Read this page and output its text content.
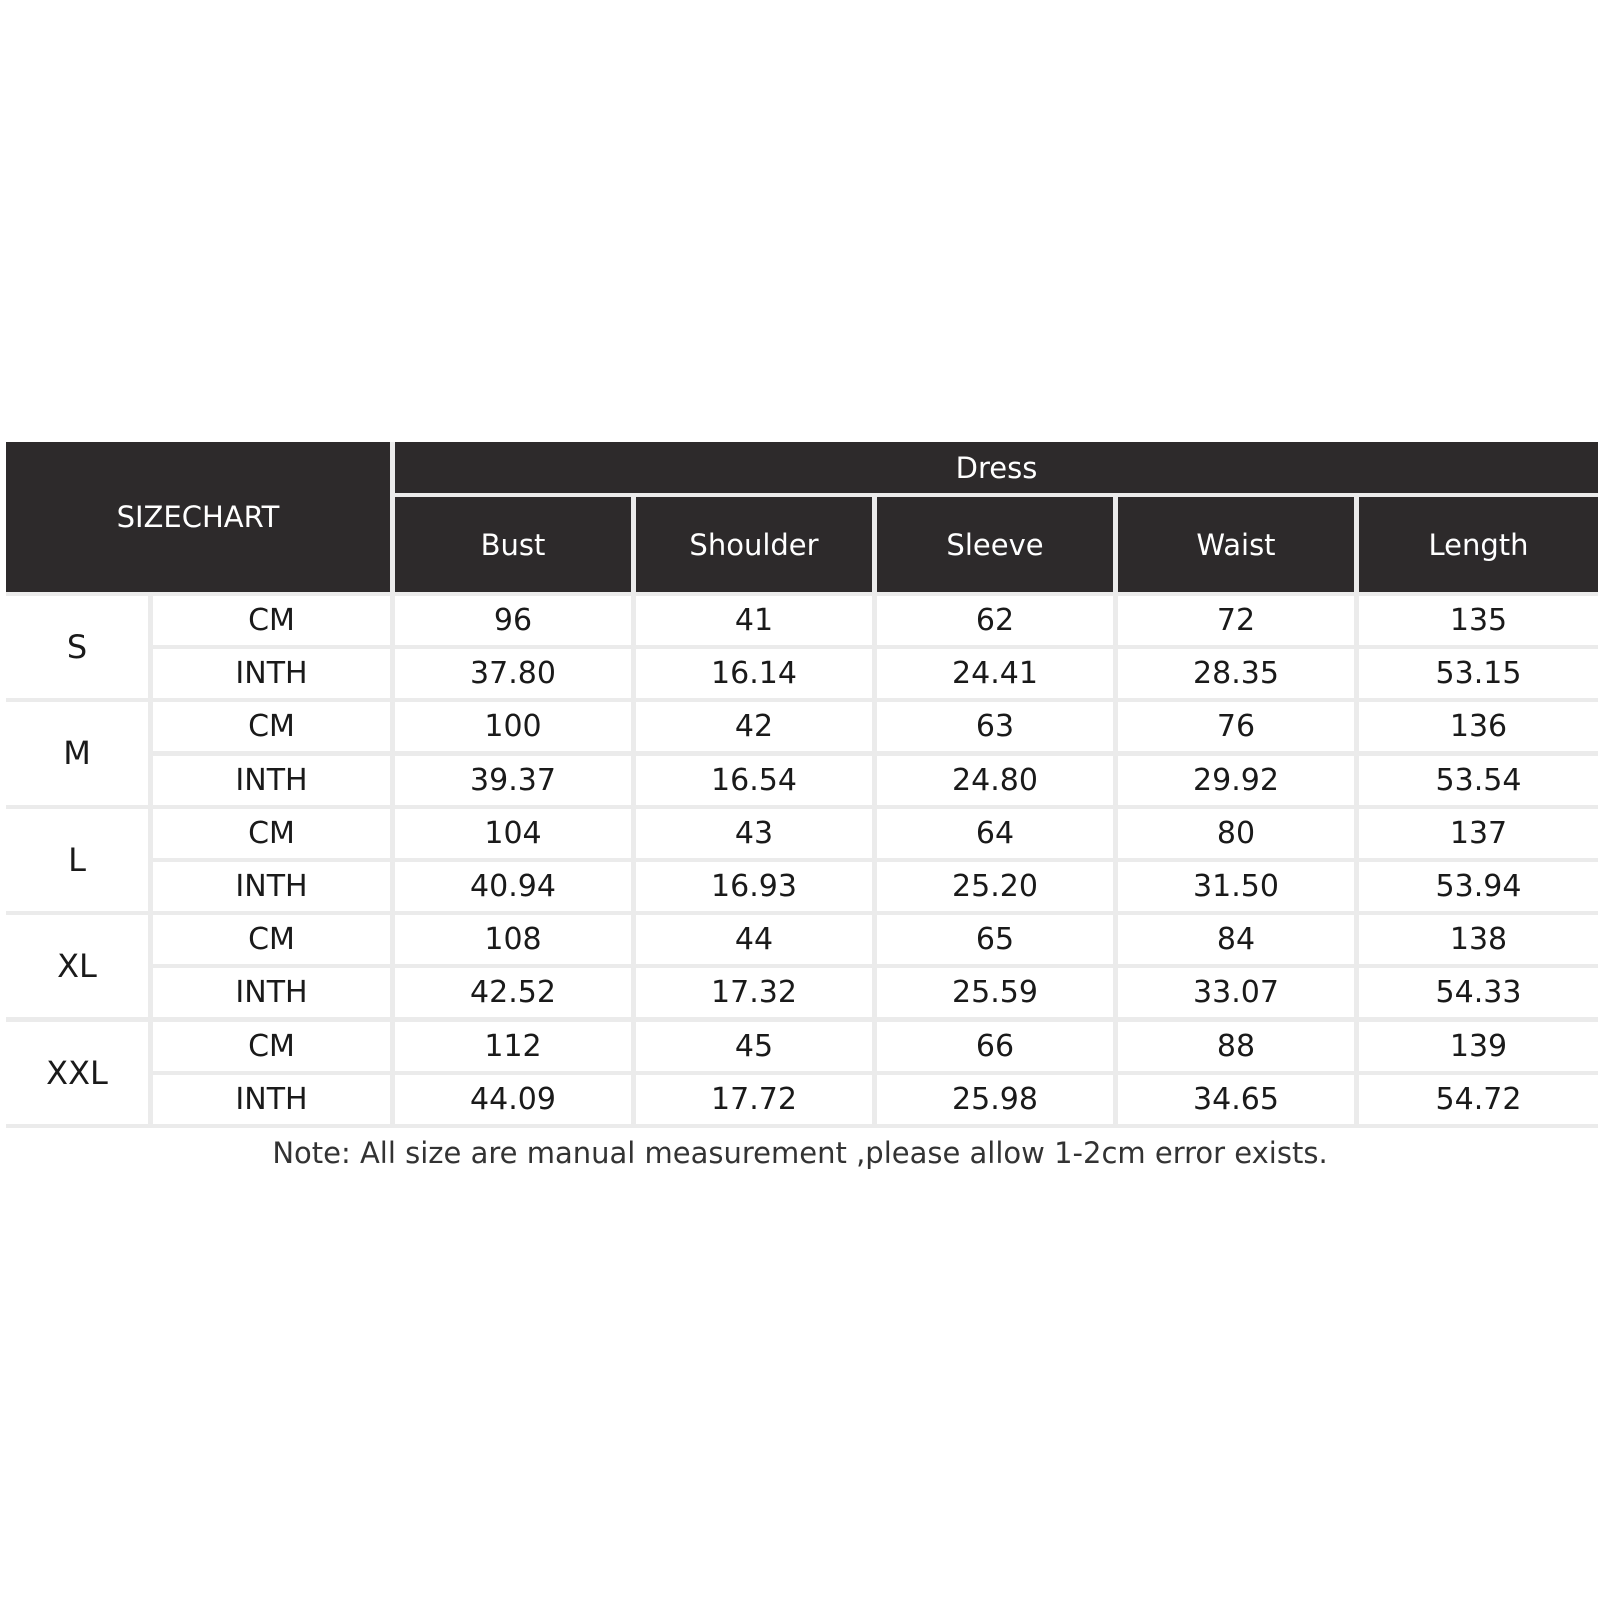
SIZECHART
Dress
Bust	Shoulder	Sleeve	Waist	Length
S
CM	96	41	62	72	135
INTH	37.80	16.14	24.41	28.35	53.15
M
CM	100	42	63	76	136
INTH	39.37	16.54	24.80	29.92	53.54
L
CM	104	43	64	80	137
INTH	40.94	16.93	25.20	31.50	53.94
XL
CM	108	44	65	84	138
INTH	42.52	17.32	25.59	33.07	54.33
XXL
CM	112	45	66	88	139
INTH	44.09	17.72	25.98	34.65	54.72
Note: All size are manual measurement ,please allow 1-2cm error exists.
